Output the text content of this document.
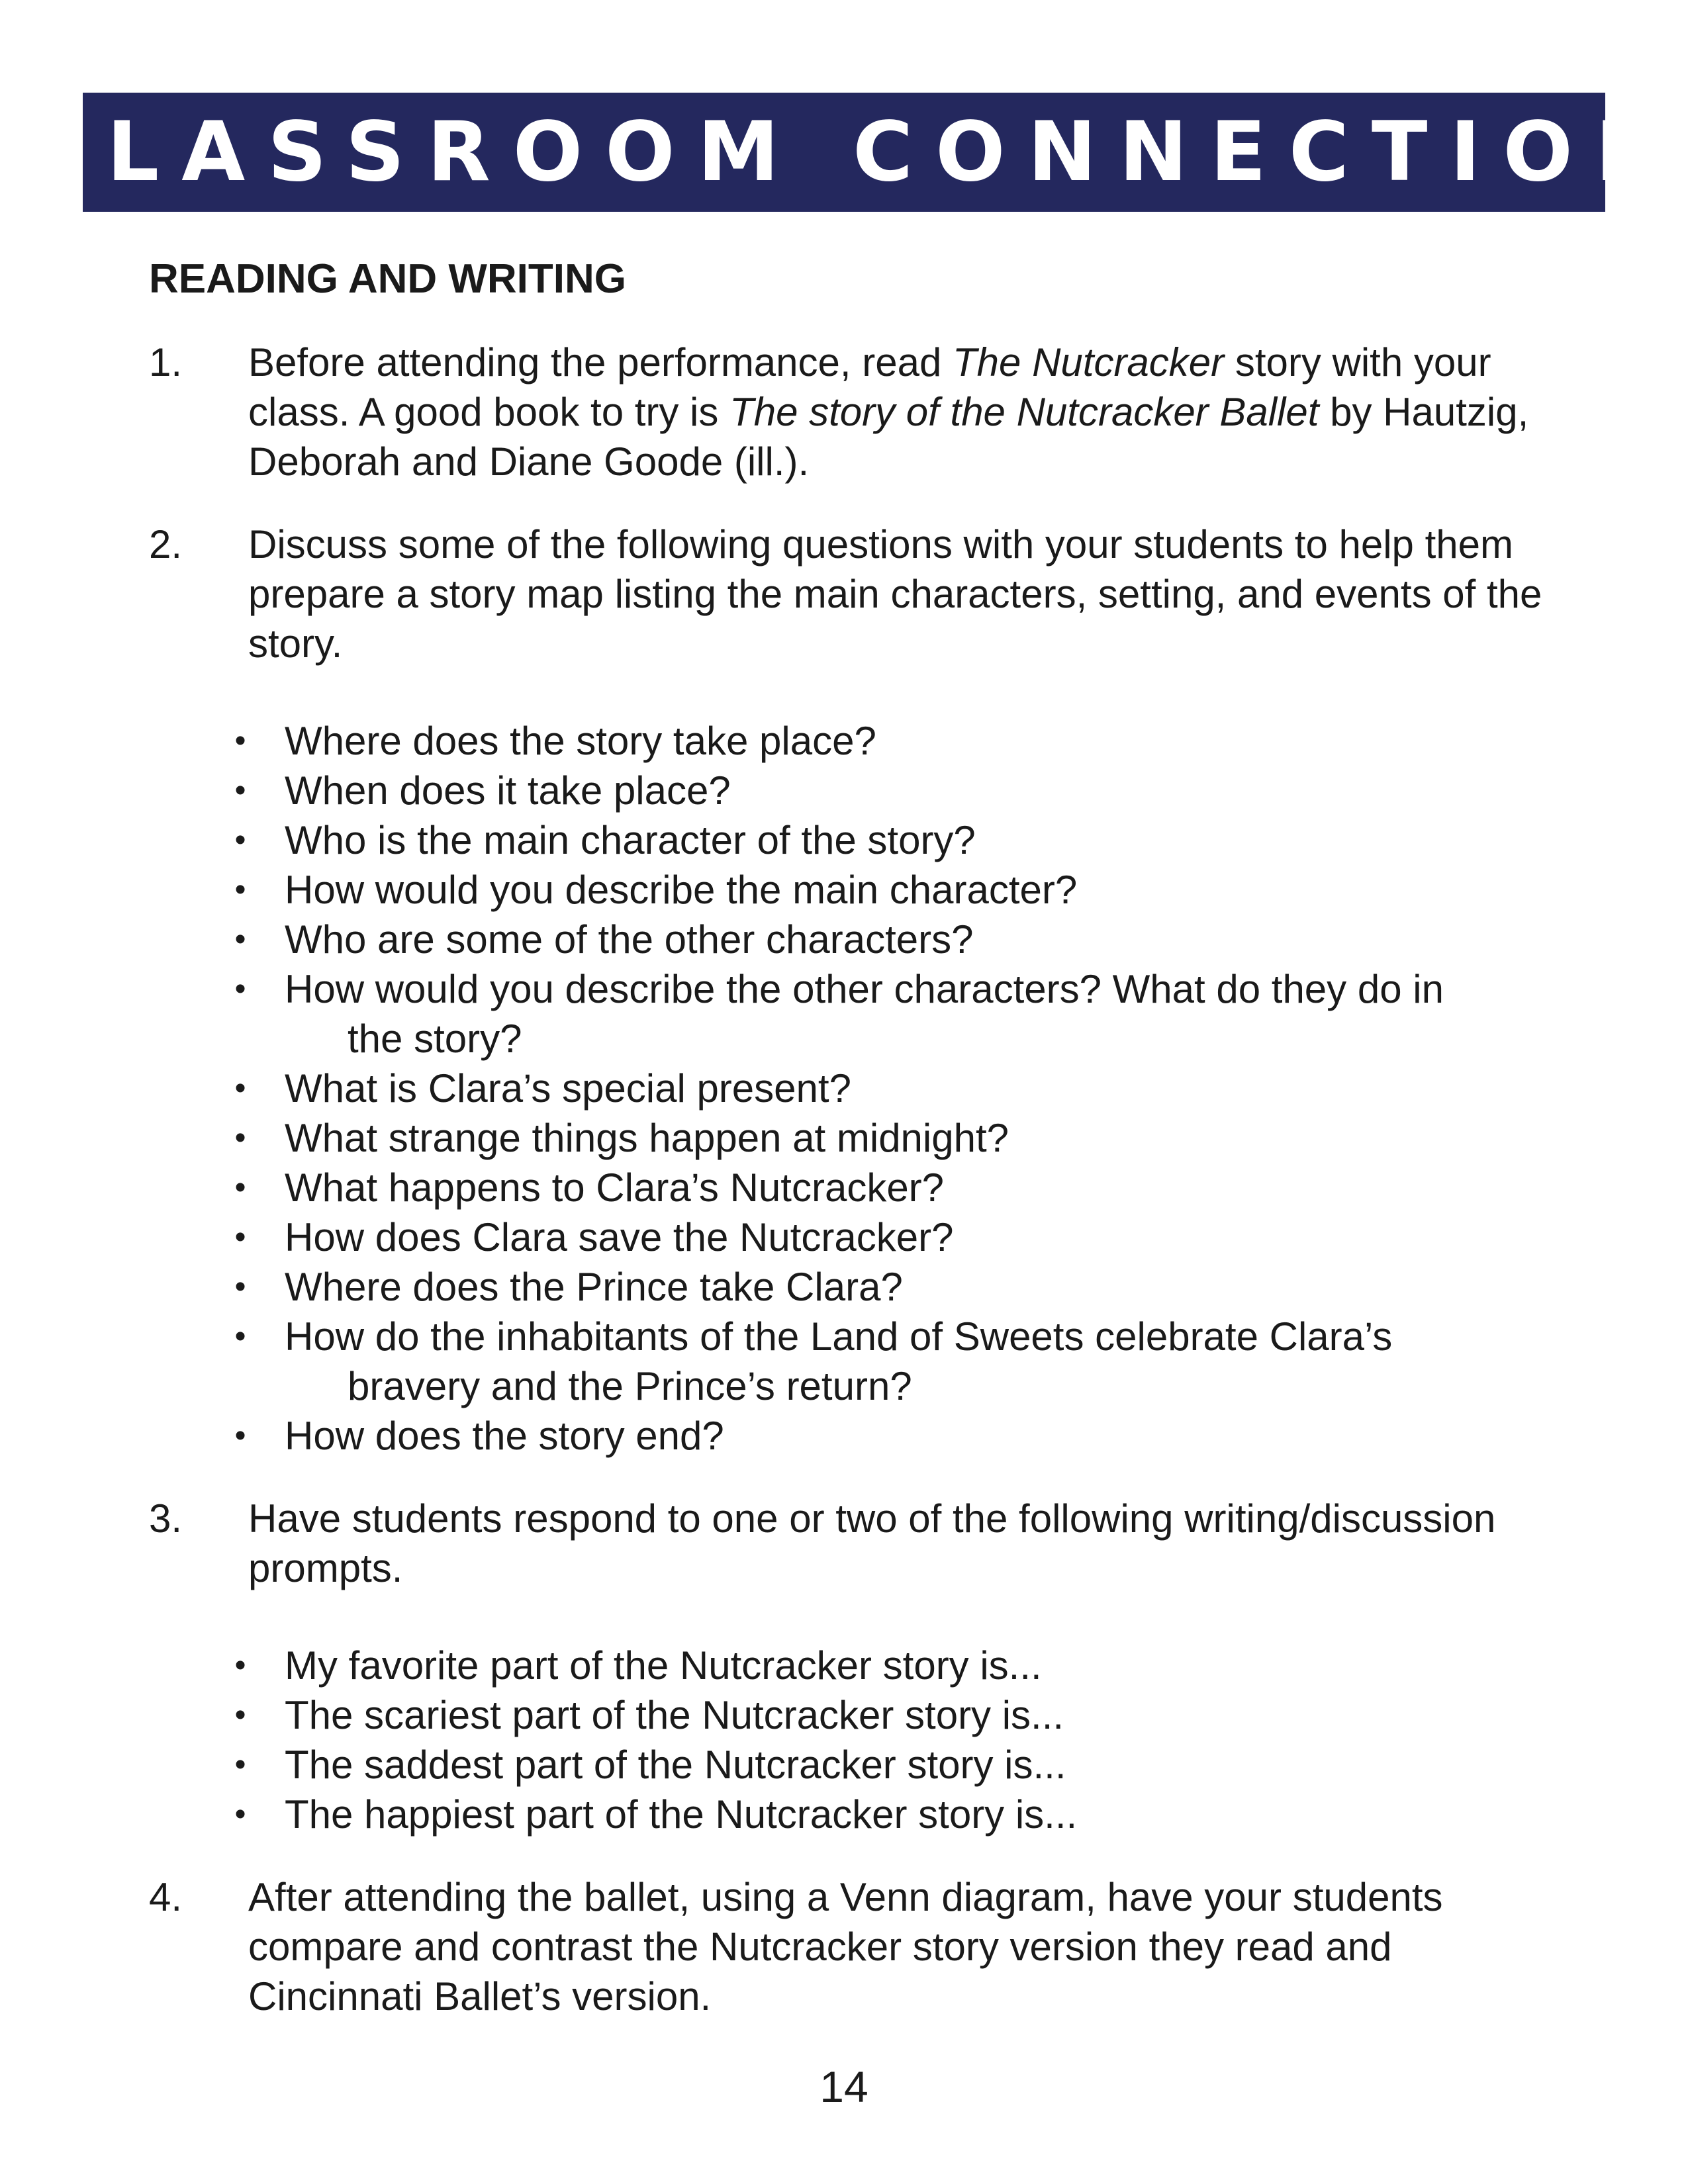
CLASSROOM CONNECTION
READING AND WRITING
1.	Before attending the performance, read The Nutcracker story with your class. A good book to try is The story of the Nutcracker Ballet by Hautzig, Deborah and Diane Goode (ill.).
2.	Discuss some of the following questions with your students to help them prepare a story map listing the main characters, setting, and events of the story.
• Where does the story take place?
• When does it take place?
• Who is the main character of the story?
• How would you describe the main character?
• Who are some of the other characters?
• How would you describe the other characters? What do they do in
the story?
• What is Clara’s special present?
• What strange things happen at midnight?
• What happens to Clara’s Nutcracker?
• How does Clara save the Nutcracker?
• Where does the Prince take Clara?
• How do the inhabitants of the Land of Sweets celebrate Clara’s
bravery and the Prince’s return?
• How does the story end?
3.	Have students respond to one or two of the following writing/discussion prompts.
• My favorite part of the Nutcracker story is...
• The scariest part of the Nutcracker story is...
• The saddest part of the Nutcracker story is...
• The happiest part of the Nutcracker story is...
4.	After attending the ballet, using a Venn diagram, have your students compare and contrast the Nutcracker story version they read and Cincinnati Ballet’s version.
14
